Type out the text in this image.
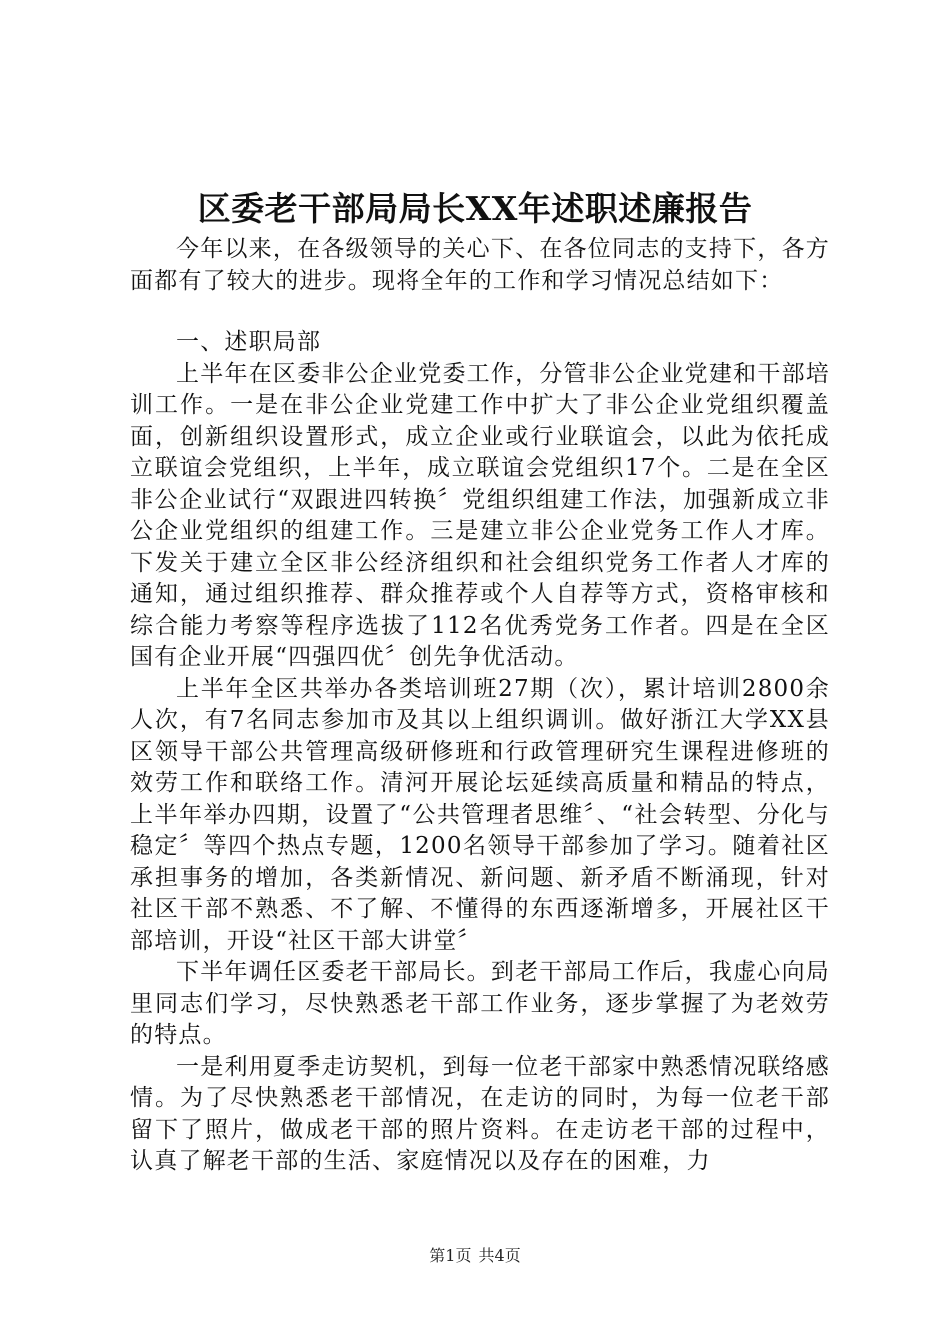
区委老干部局局长XX年述职述廉报告

今年以来，在各级领导的关心下、在各位同志的支持下，各方面都有了较大的进步。现将全年的工作和学习情况总结如下：

一、述职局部

上半年在区委非公企业党委工作，分管非公企业党建和干部培训工作。一是在非公企业党建工作中扩大了非公企业党组织覆盖面，创新组织设置形式，成立企业或行业联谊会，以此为依托成立联谊会党组织，上半年，成立联谊会党组织17个。二是在全区非公企业试行“双跟进四转换〞党组织组建工作法，加强新成立非公企业党组织的组建工作。三是建立非公企业党务工作人才库。下发关于建立全区非公经济组织和社会组织党务工作者人才库的通知，通过组织推荐、群众推荐或个人自荐等方式，资格审核和综合能力考察等程序选拔了112名优秀党务工作者。四是在全区国有企业开展“四强四优〞创先争优活动。

上半年全区共举办各类培训班27期（次），累计培训2800余人次，有7名同志参加市及其以上组织调训。做好浙江大学XX县区领导干部公共管理高级研修班和行政管理研究生课程进修班的效劳工作和联络工作。清河开展论坛延续高质量和精品的特点，上半年举办四期，设置了“公共管理者思维〞、“社会转型、分化与稳定〞等四个热点专题，1200名领导干部参加了学习。随着社区承担事务的增加，各类新情况、新问题、新矛盾不断涌现，针对社区干部不熟悉、不了解、不懂得的东西逐渐增多，开展社区干部培训，开设“社区干部大讲堂〞

下半年调任区委老干部局长。到老干部局工作后，我虚心向局里同志们学习，尽快熟悉老干部工作业务，逐步掌握了为老效劳的特点。

一是利用夏季走访契机，到每一位老干部家中熟悉情况联络感情。为了尽快熟悉老干部情况，在走访的同时，为每一位老干部留下了照片，做成老干部的照片资料。在走访老干部的过程中，认真了解老干部的生活、家庭情况以及存在的困难，力

第1页 共4页
